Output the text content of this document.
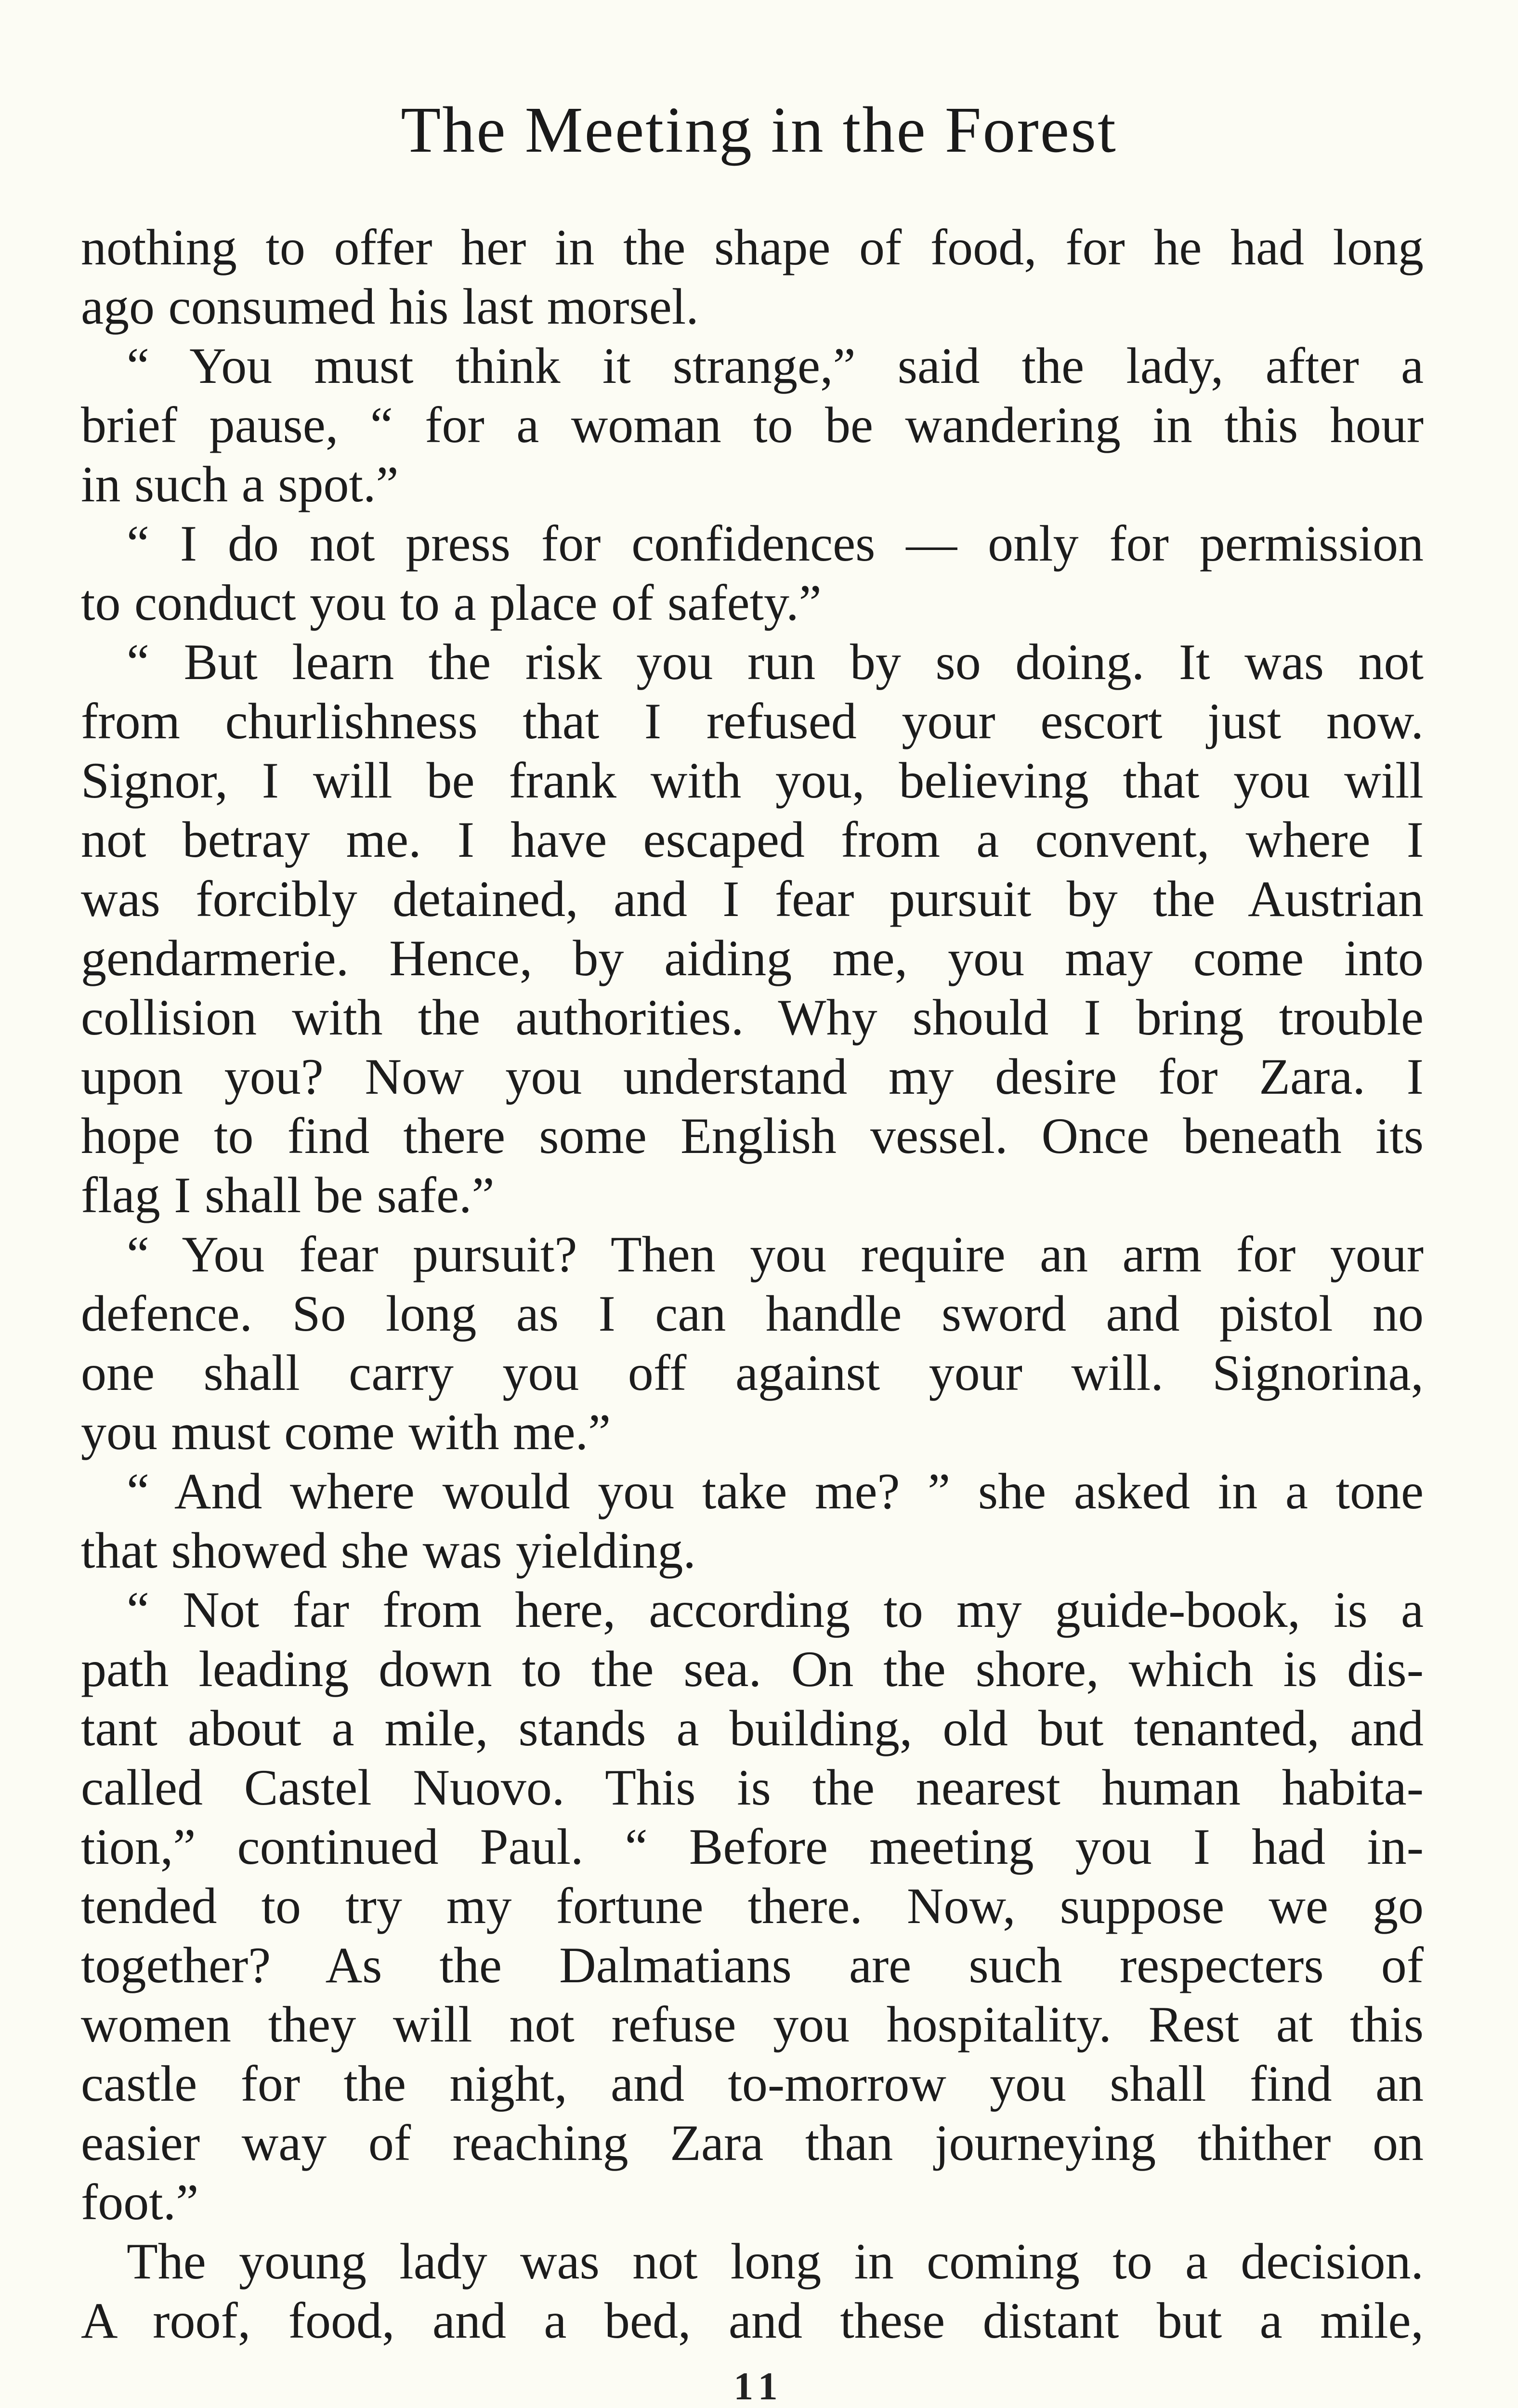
The Meeting in the Forest
nothing to offer her in the shape of food, for he had long
ago consumed his last morsel.
“ You must think it strange,” said the lady, after a
brief pause, “ for a woman to be wandering in this hour
in such a spot.”
“ I do not press for confidences — only for permission
to conduct you to a place of safety.”
“ But learn the risk you run by so doing. It was not
from churlishness that I refused your escort just now.
Signor, I will be frank with you, believing that you will
not betray me. I have escaped from a convent, where I
was forcibly detained, and I fear pursuit by the Austrian
gendarmerie. Hence, by aiding me, you may come into
collision with the authorities. Why should I bring trouble
upon you? Now you understand my desire for Zara. I
hope to find there some English vessel. Once beneath its
flag I shall be safe.”
“ You fear pursuit? Then you require an arm for your
defence. So long as I can handle sword and pistol no
one shall carry you off against your will. Signorina,
you must come with me.”
“ And where would you take me? ” she asked in a tone
that showed she was yielding.
“ Not far from here, according to my guide-book, is a
path leading down to the sea. On the shore, which is dis-
tant about a mile, stands a building, old but tenanted, and
called Castel Nuovo. This is the nearest human habita-
tion,” continued Paul. “ Before meeting you I had in-
tended to try my fortune there. Now, suppose we go
together? As the Dalmatians are such respecters of
women they will not refuse you hospitality. Rest at this
castle for the night, and to-morrow you shall find an
easier way of reaching Zara than journeying thither on
foot.”
The young lady was not long in coming to a decision.
A roof, food, and a bed, and these distant but a mile,
11
